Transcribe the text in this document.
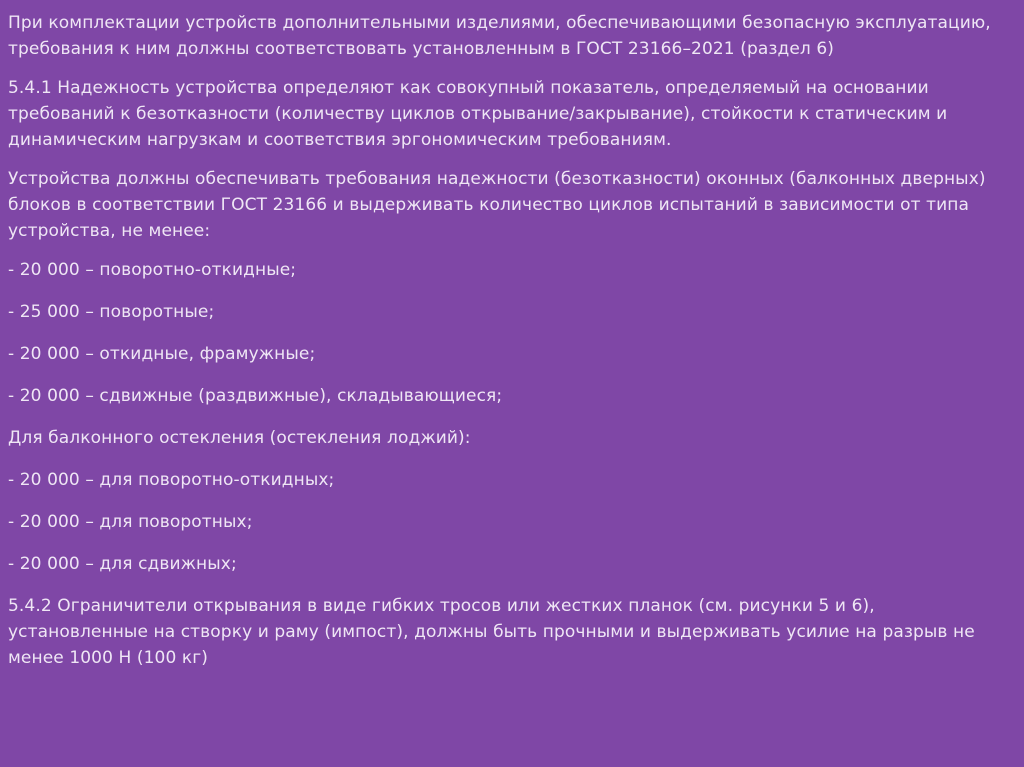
При комплектации устройств дополнительными изделиями, обеспечивающими безопасную эксплуатацию, требования к ним должны соответствовать установленным в ГОСТ 23166–2021 (раздел 6)

5.4.1 Надежность устройства определяют как совокупный показатель, определяемый на основании требований к безотказности (количеству циклов открывание/закрывание), стойкости к статическим и динамическим нагрузкам и соответствия эргономическим требованиям.

Устройства должны обеспечивать требования надежности (безотказности) оконных (балконных дверных) блоков в соответствии ГОСТ 23166 и выдерживать количество циклов испытаний в зависимости от типа устройства, не менее:

- 20 000 – поворотно-откидные;

- 25 000 – поворотные;

- 20 000 – откидные, фрамужные;

- 20 000 – сдвижные (раздвижные), складывающиеся;

Для балконного остекления (остекления лоджий):

- 20 000 – для поворотно-откидных;

- 20 000 – для поворотных;

- 20 000 – для сдвижных;

5.4.2 Ограничители открывания в виде гибких тросов или жестких планок (см. рисунки 5 и 6), установленные на створку и раму (импост), должны быть прочными и выдерживать усилие на разрыв не менее 1000 Н (100 кг)
